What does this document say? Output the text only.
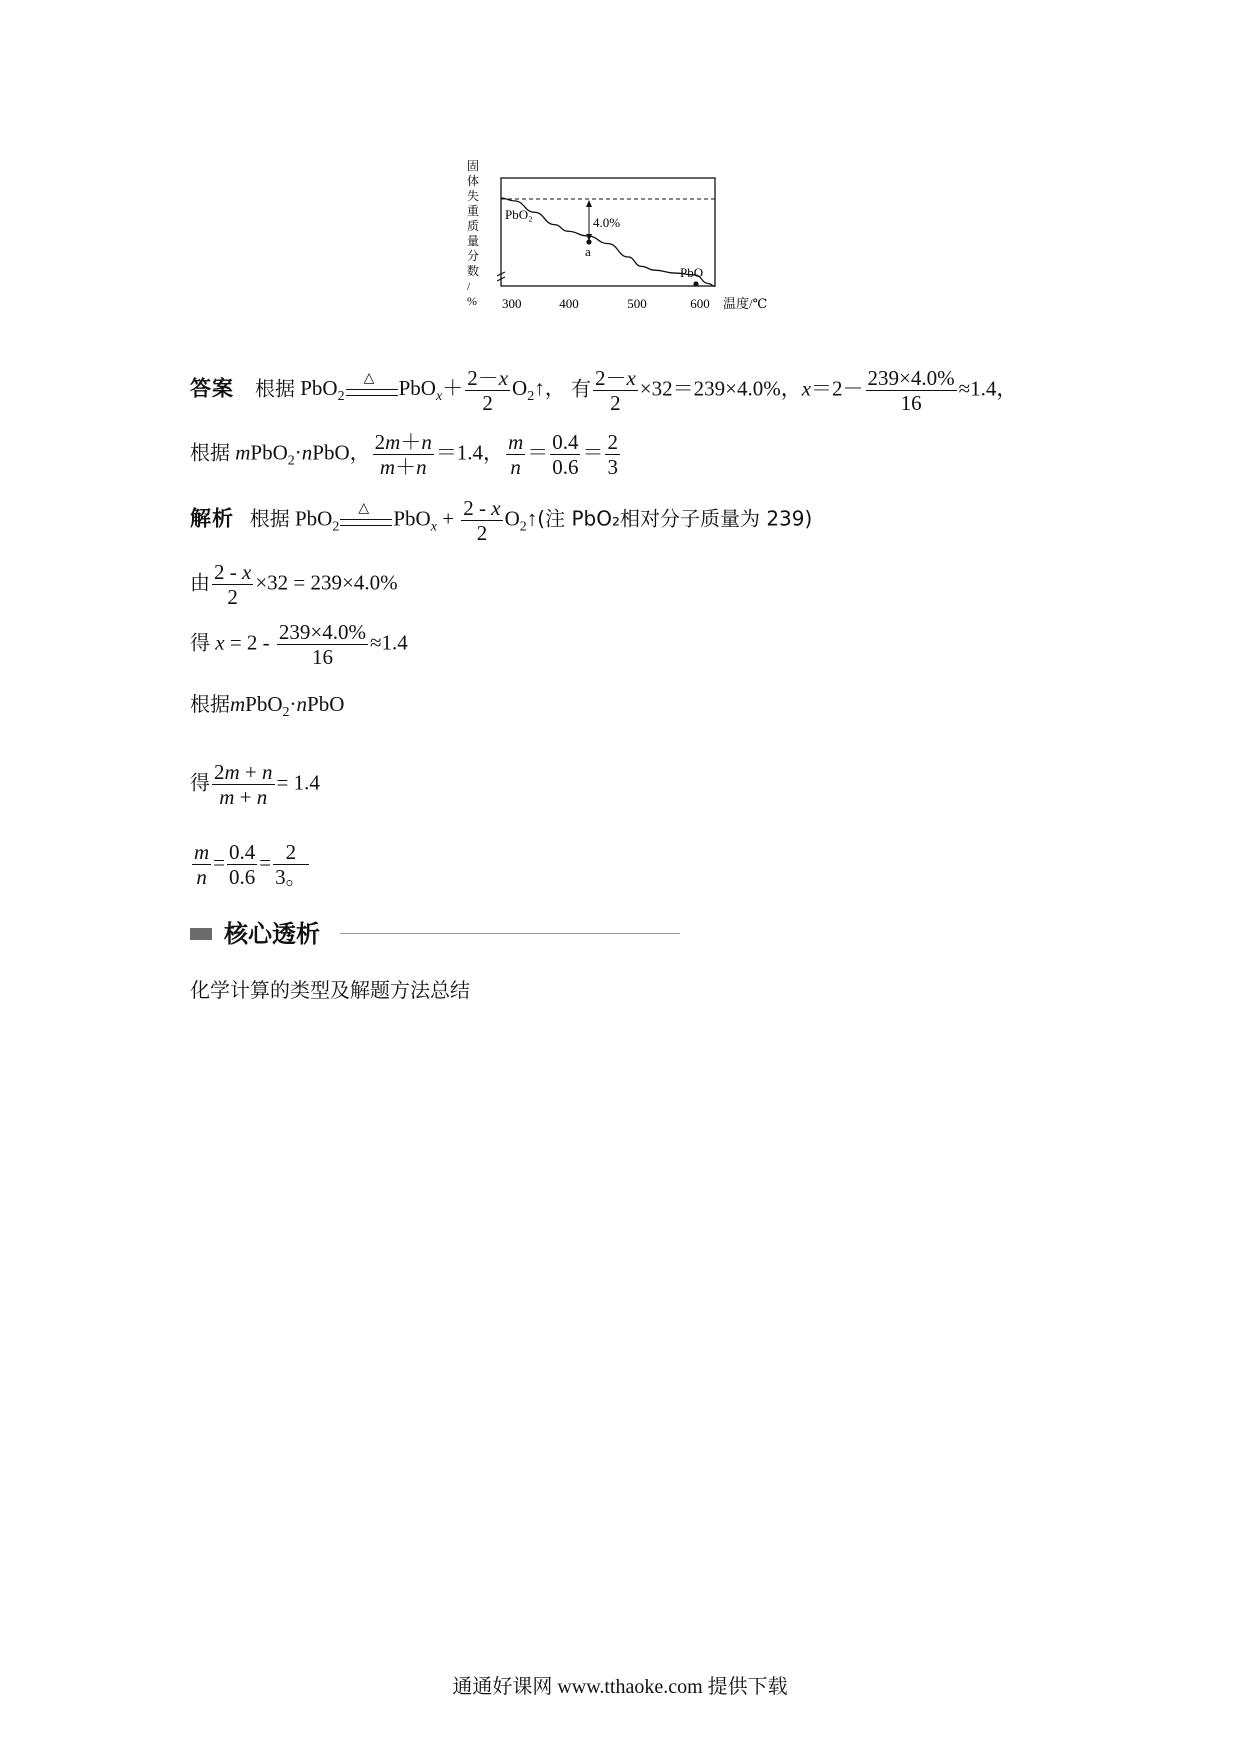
固
体
失
重
质
量
分
数
/
%
4.0%
a
PbO₂
PbO
300	400	500	600 温度/℃
答案 根据 PbO$_2$
△ $PbO_x+ \frac{2-x}{2}$ $O_2↑$， 有 $\frac{2-x}{2} \times 32=239\times 4.0\%$，$x=2- \frac{239\times 4.0\%}{16} \approx 1.4$，
根据 mPbO$_2$·nPbO， $\frac{2m+n}{m+n} =1.4$， $\frac{m}{n} = \frac{0.4}{0.6} = \frac{2}{3}$
解析 根据 PbO$_2$
△ $PbO_x + \frac{2 - x}{2}$ $O_2↑$(注 PbO₂相对分子质量为 239)
由 $\frac{2 - x}{2} \times 32 = 239\times 4.0\%$
得 $x = 2 - \frac{239\times 4.0\%}{16} \approx 1.4$
根据mPbO$_2$·nPbO
得 $\frac{2m + n}{m + n} = 1.4$
$\frac{m}{n} = \frac{0.4}{0.6} = \frac{2}{3。}$
核心透析
化学计算的类型及解题方法总结
通通好课网 www.tthaoke.com 提供下载
